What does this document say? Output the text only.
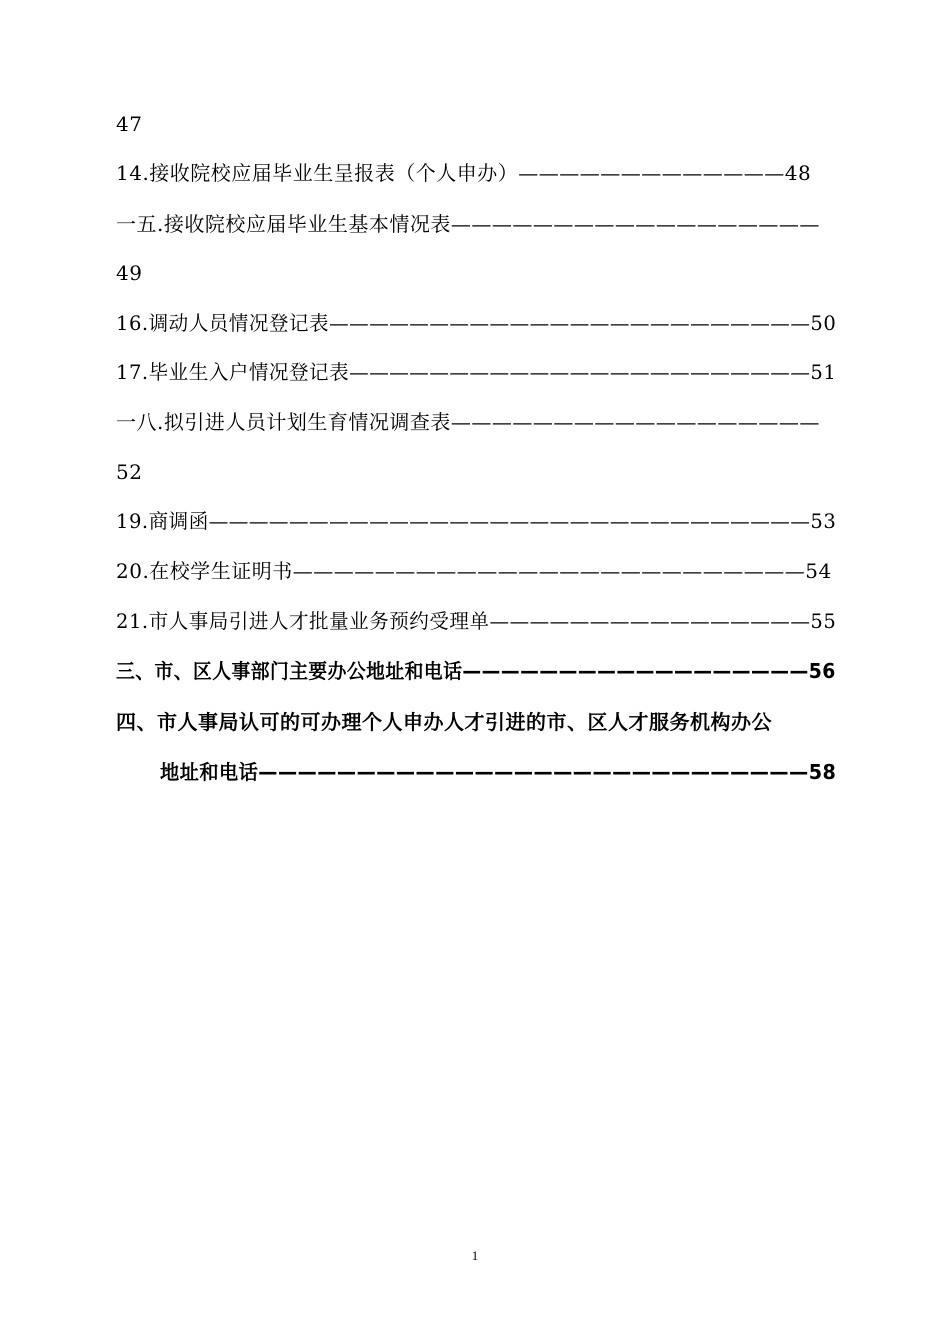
47
14.接收院校应届毕业生呈报表（个人申办）—————————————48
一五.接收院校应届毕业生基本情况表——————————————————
49
16.调动人员情况登记表————————————————————————50
17.毕业生入户情况登记表———————————————————————51
一八.拟引进人员计划生育情况调查表——————————————————
52
19.商调函——————————————————————————————53
20.在校学生证明书—————————————————————————54
21.市人事局引进人才批量业务预约受理单————————————————55
三、市、区人事部门主要办公地址和电话——————————————————56
四、市人事局认可的可办理个人申办人才引进的市、区人才服务机构办公
地址和电话————————————————————————————58
1
